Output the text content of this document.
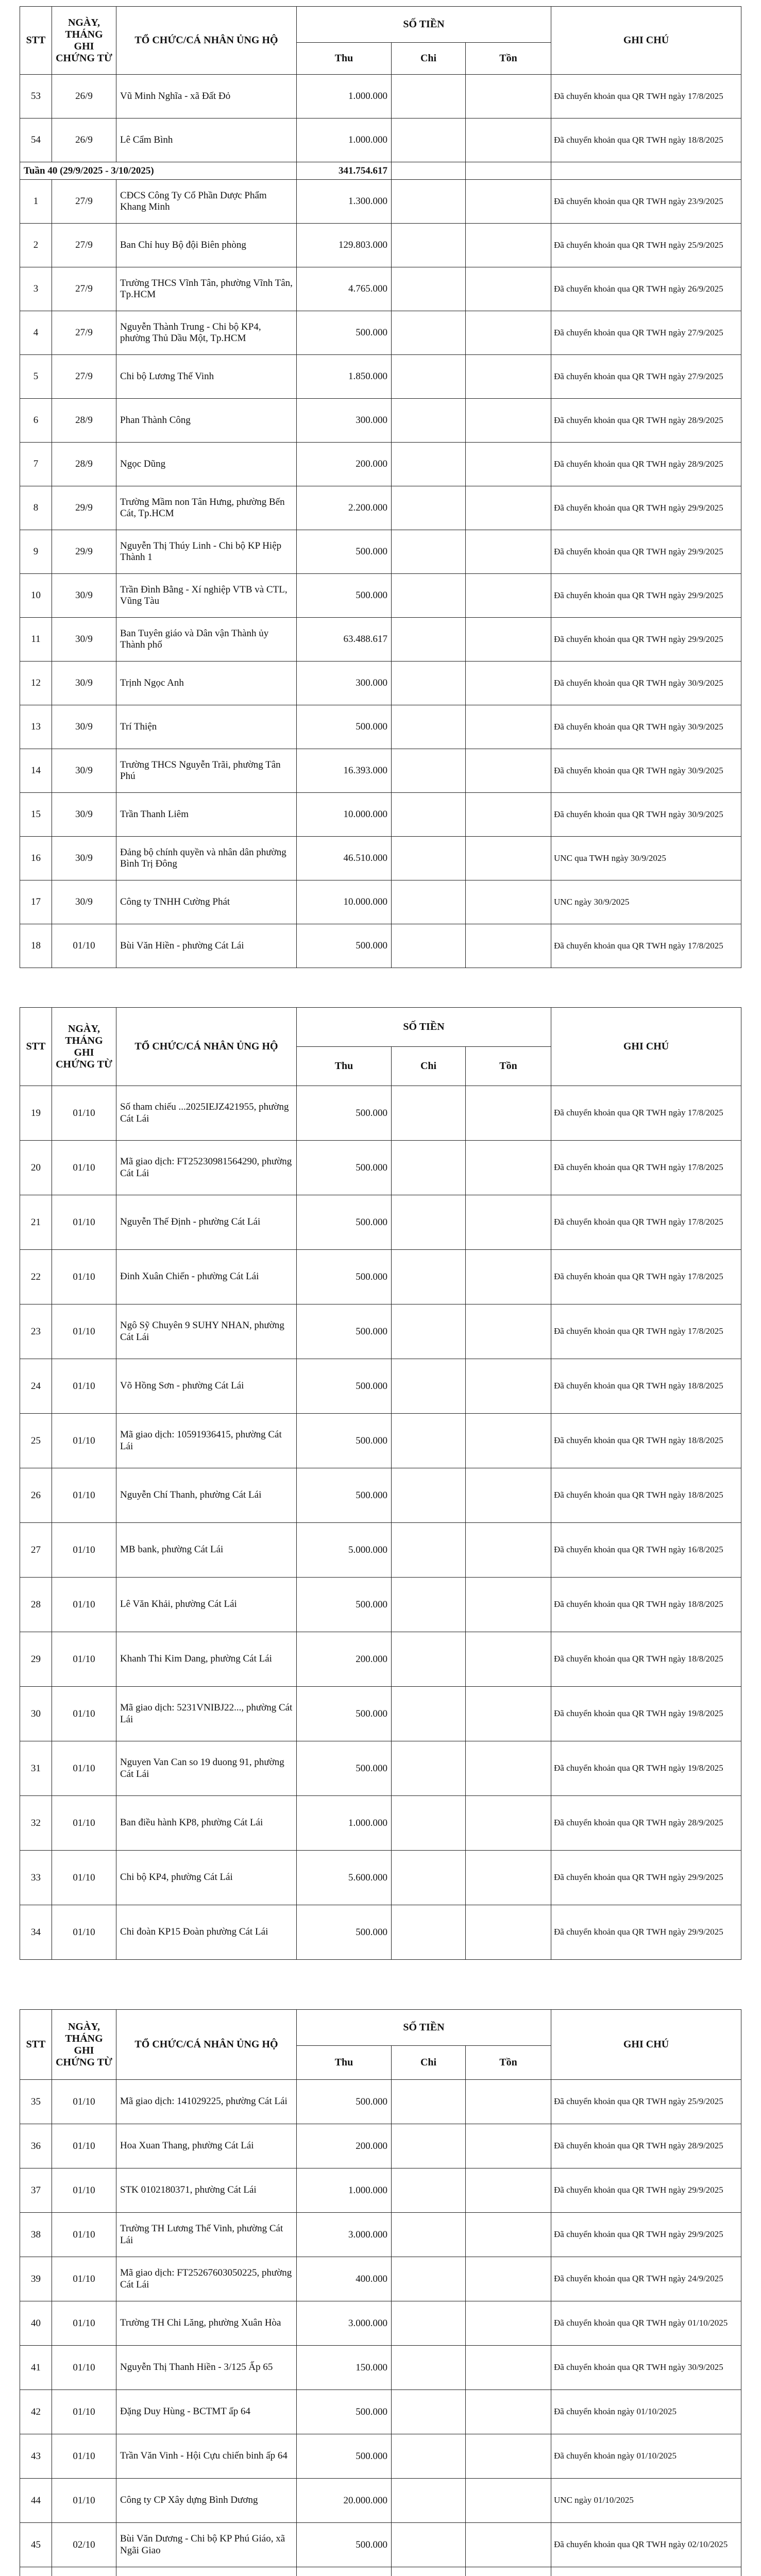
STT	NGÀY, THÁNG GHI CHỨNG TỪ	TỔ CHỨC/CÁ NHÂN ỦNG HỘ	SỐ TIỀN			GHI CHÚ
			Thu	Chi	Tồn	
53	26/9	Vũ Minh Nghĩa - xã Đất Đỏ	1.000.000			Đã chuyển khoản qua QR TWH ngày 17/8/2025
54	26/9	Lê Cẩm Bình	1.000.000			Đã chuyển khoản qua QR TWH ngày 18/8/2025
Tuần 40 (29/9/2025 - 3/10/2025)			341.754.617			
1	27/9	CĐCS Công Ty Cổ Phần Dược Phẩm Khang Minh	1.300.000			Đã chuyển khoản qua QR TWH ngày 23/9/2025
2	27/9	Ban Chỉ huy Bộ đội Biên phòng	129.803.000			Đã chuyển khoản qua QR TWH ngày 25/9/2025
3	27/9	Trường THCS Vĩnh Tân, phường Vĩnh Tân, Tp.HCM	4.765.000			Đã chuyển khoản qua QR TWH ngày 26/9/2025
4	27/9	Nguyễn Thành Trung - Chi bộ KP4, phường Thủ Dầu Một, Tp.HCM	500.000			Đã chuyển khoản qua QR TWH ngày 27/9/2025
5	27/9	Chi bộ Lương Thế Vinh	1.850.000			Đã chuyển khoản qua QR TWH ngày 27/9/2025
6	28/9	Phan Thành Công	300.000			Đã chuyển khoản qua QR TWH ngày 28/9/2025
7	28/9	Ngọc Dũng	200.000			Đã chuyển khoản qua QR TWH ngày 28/9/2025
8	29/9	Trường Mầm non Tân Hưng, phường Bến Cát, Tp.HCM	2.200.000			Đã chuyển khoản qua QR TWH ngày 29/9/2025
9	29/9	Nguyễn Thị Thúy Linh - Chi bộ KP Hiệp Thành 1	500.000			Đã chuyển khoản qua QR TWH ngày 29/9/2025
10	30/9	Trần Đình Bằng - Xí nghiệp VTB và CTL, Vũng Tàu	500.000			Đã chuyển khoản qua QR TWH ngày 29/9/2025
11	30/9	Ban Tuyên giáo và Dân vận Thành ủy Thành phố	63.488.617			Đã chuyển khoản qua QR TWH ngày 29/9/2025
12	30/9	Trịnh Ngọc Anh	300.000			Đã chuyển khoản qua QR TWH ngày 30/9/2025
13	30/9	Trí Thiện	500.000			Đã chuyển khoản qua QR TWH ngày 30/9/2025
14	30/9	Trường THCS Nguyễn Trãi, phường Tân Phú	16.393.000			Đã chuyển khoản qua QR TWH ngày 30/9/2025
15	30/9	Trần Thanh Liêm	10.000.000			Đã chuyển khoản qua QR TWH ngày 30/9/2025
16	30/9	Đảng bộ chính quyền và nhân dân phường Bình Trị Đông	46.510.000			UNC qua TWH ngày 30/9/2025
17	30/9	Công ty TNHH Cường Phát	10.000.000			UNC ngày 30/9/2025
18	01/10	Bùi Văn Hiền - phường Cát Lái	500.000			Đã chuyển khoản qua QR TWH ngày 17/8/2025
STT	NGÀY, THÁNG GHI CHỨNG TỪ	TỔ CHỨC/CÁ NHÂN ỦNG HỘ	SỐ TIỀN			GHI CHÚ
			Thu	Chi	Tồn	
19	01/10	Số tham chiếu ...2025IEJZ421955, phường Cát Lái	500.000			Đã chuyển khoản qua QR TWH ngày 17/8/2025
20	01/10	Mã giao dịch: FT25230981564290, phường Cát Lái	500.000			Đã chuyển khoản qua QR TWH ngày 17/8/2025
21	01/10	Nguyễn Thế Định - phường Cát Lái	500.000			Đã chuyển khoản qua QR TWH ngày 17/8/2025
22	01/10	Đinh Xuân Chiến - phường Cát Lái	500.000			Đã chuyển khoản qua QR TWH ngày 17/8/2025
23	01/10	Ngô Sỹ Chuyên 9 SUHY NHAN, phường Cát Lái	500.000			Đã chuyển khoản qua QR TWH ngày 17/8/2025
24	01/10	Võ Hồng Sơn - phường Cát Lái	500.000			Đã chuyển khoản qua QR TWH ngày 18/8/2025
25	01/10	Mã giao dịch: 10591936415, phường Cát Lái	500.000			Đã chuyển khoản qua QR TWH ngày 18/8/2025
26	01/10	Nguyễn Chí Thanh, phường Cát Lái	500.000			Đã chuyển khoản qua QR TWH ngày 18/8/2025
27	01/10	MB bank, phường Cát Lái	5.000.000			Đã chuyển khoản qua QR TWH ngày 16/8/2025
28	01/10	Lê Văn Khải, phường Cát Lái	500.000			Đã chuyển khoản qua QR TWH ngày 18/8/2025
29	01/10	Khanh Thi Kim Dang, phường Cát Lái	200.000			Đã chuyển khoản qua QR TWH ngày 18/8/2025
30	01/10	Mã giao dịch: 5231VNIBJ22..., phường Cát Lái	500.000			Đã chuyển khoản qua QR TWH ngày 19/8/2025
31	01/10	Nguyen Van Can so 19 duong 91, phường Cát Lái	500.000			Đã chuyển khoản qua QR TWH ngày 19/8/2025
32	01/10	Ban điều hành KP8, phường Cát Lái	1.000.000			Đã chuyển khoản qua QR TWH ngày 28/9/2025
33	01/10	Chi bộ KP4, phường Cát Lái	5.600.000			Đã chuyển khoản qua QR TWH ngày 29/9/2025
34	01/10	Chi đoàn KP15 Đoàn phường Cát Lái	500.000			Đã chuyển khoản qua QR TWH ngày 29/9/2025
STT	NGÀY, THÁNG GHI CHỨNG TỪ	TỔ CHỨC/CÁ NHÂN ỦNG HỘ	SỐ TIỀN			GHI CHÚ
			Thu	Chi	Tồn	
35	01/10	Mã giao dịch: 141029225, phường Cát Lái	500.000			Đã chuyển khoản qua QR TWH ngày 25/9/2025
36	01/10	Hoa Xuan Thang, phường Cát Lái	200.000			Đã chuyển khoản qua QR TWH ngày 28/9/2025
37	01/10	STK 0102180371, phường Cát Lái	1.000.000			Đã chuyển khoản qua QR TWH ngày 29/9/2025
38	01/10	Trường TH Lương Thế Vinh, phường Cát Lái	3.000.000			Đã chuyển khoản qua QR TWH ngày 29/9/2025
39	01/10	Mã giao dịch: FT25267603050225, phường Cát Lái	400.000			Đã chuyển khoản qua QR TWH ngày 24/9/2025
40	01/10	Trường TH Chi Lăng, phường Xuân Hòa	3.000.000			Đã chuyển khoản qua QR TWH ngày 01/10/2025
41	01/10	Nguyễn Thị Thanh Hiền - 3/125 Ấp 65	150.000			Đã chuyển khoản qua QR TWH ngày 30/9/2025
42	01/10	Đặng Duy Hùng - BCTMT ấp 64	500.000			Đã chuyển khoản ngày 01/10/2025
43	01/10	Trần Văn Vinh - Hội Cựu chiến binh ấp 64	500.000			Đã chuyển khoản ngày 01/10/2025
44	01/10	Công ty CP Xây dựng Bình Dương	20.000.000			UNC ngày 01/10/2025
45	02/10	Bùi Văn Dương - Chi bộ KP Phú Giáo, xã Ngãi Giao	500.000			Đã chuyển khoản qua QR TWH ngày 02/10/2025
